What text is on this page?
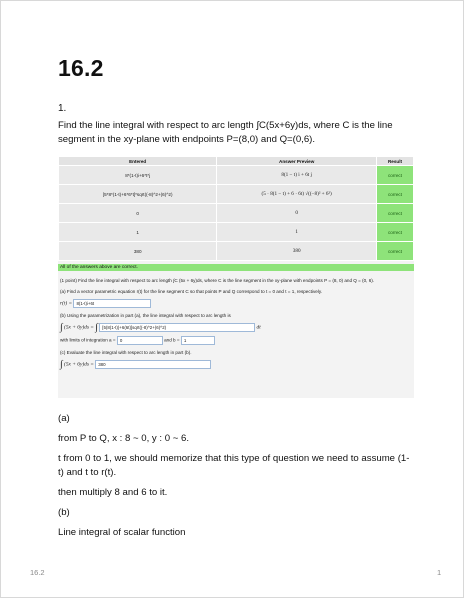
16.2
1.
Find the line integral with respect to arc length ∫C(5x+6y)ds, where C is the line segment in the xy-plane with endpoints P=(8,0) and Q=(0,6).
Entered	Answer Preview	Result
8*(1-t)i+6*t*j	8(1 − t) i + 6t j	correct
[5*8*(1-t)+6*6*t]*sqrt((-8)^2+(6)^2)	(5 · 8(1 − t) + 6 · 6t) √((−8)² + 6²)	correct
0	0	correct
1	1	correct
380	380	correct
All of the answers above are correct.

(1 point) Find the line integral with respect to arc length ∫C (5x + 6y)ds, where C is the line segment in the xy-plane with endpoints P = (8, 0) and Q = (0, 6).

(a) Find a vector parametric equation r(t) for the line segment C so that points P and Q correspond to t = 0 and t = 1, respectively.

r(t) = 8(1-t)i+6t

(b) Using the parametrization in part (a), the line integral with respect to arc length is

∫ (5x + 6y)ds = ∫ [5(8(1-t))+6(6t)]sqrt((-8)^2+(6)^2)	dt

with limits of integration a = 0	and b = 1

(c) Evaluate the line integral with respect to arc length in part (b).

∫ (5x + 6y)ds = 380

(a)
from P to Q, x : 8 ~ 0, y : 0 ~ 6.
t from 0 to 1, we should memorize that this type of question we need to assume (1-t) and t to r(t).
then multiply 8 and 6 to it.
(b)
Line integral of scalar function
16.2	1
